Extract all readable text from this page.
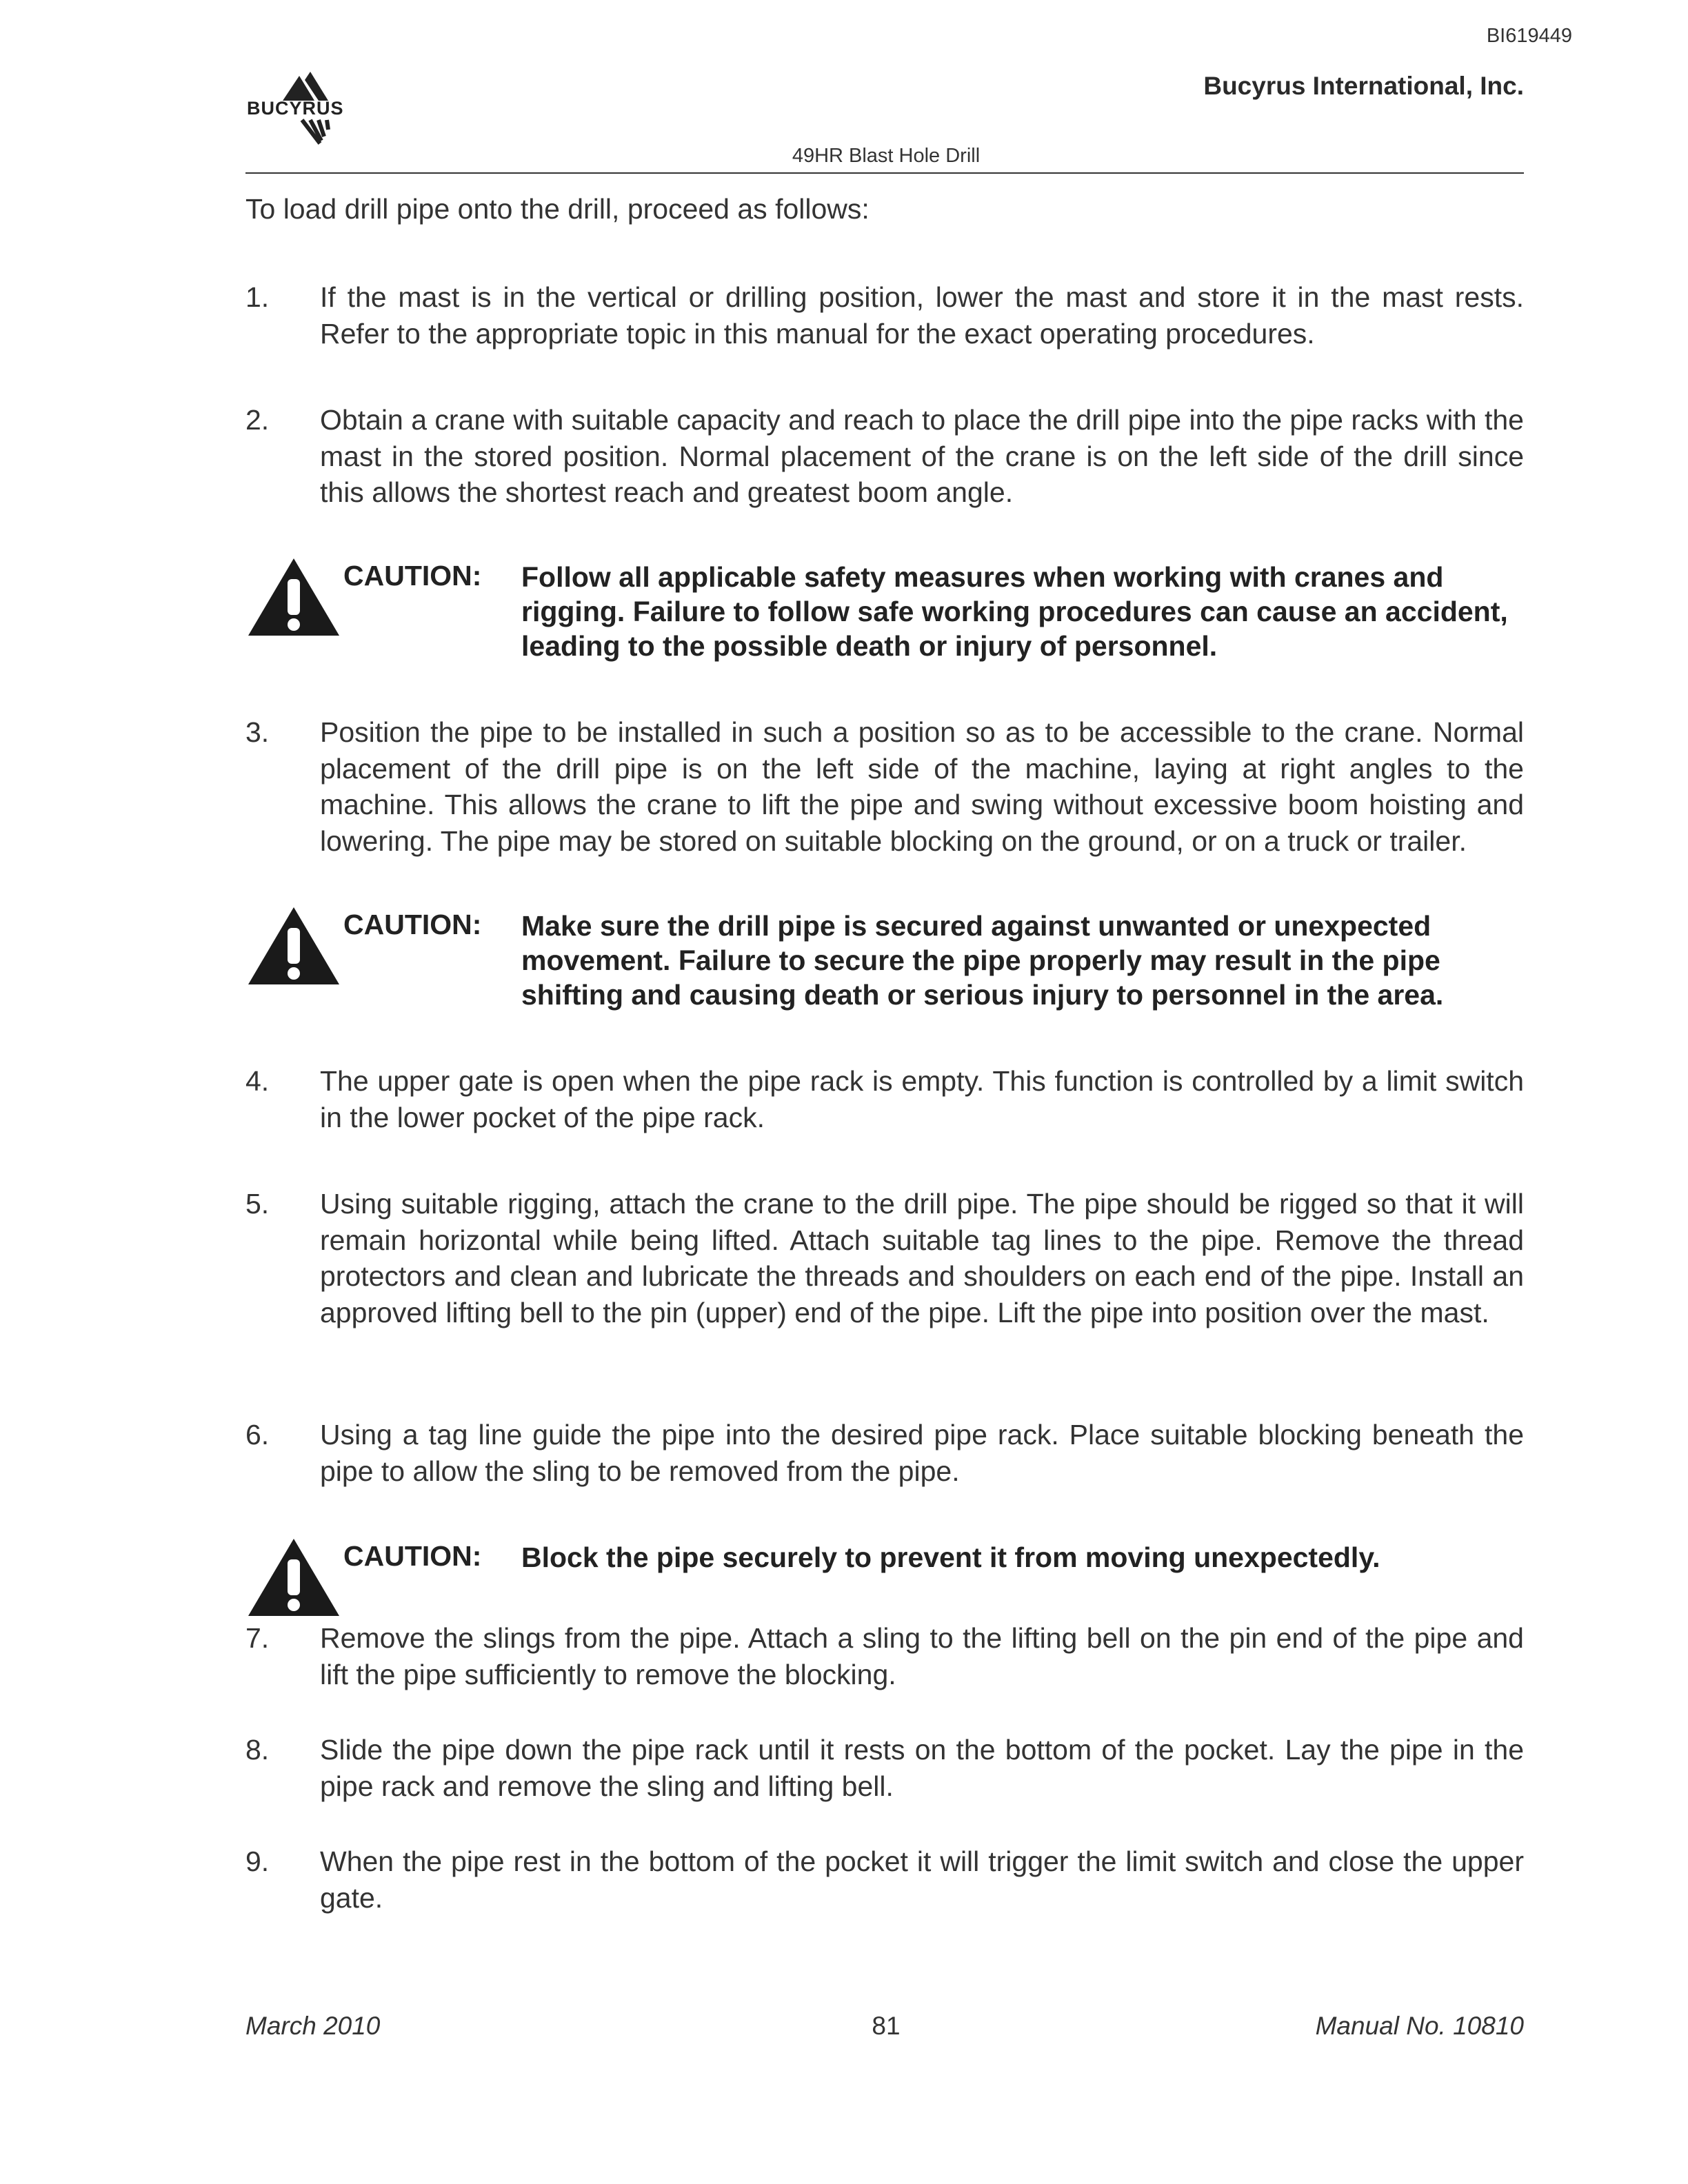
BI619449
BUCYRUS
Bucyrus International, Inc.
49HR Blast Hole Drill
To load drill pipe onto the drill, proceed as follows:
1. If the mast is in the vertical or drilling position, lower the mast and store it in the mast rests. Refer to the appropriate topic in this manual for the exact operating procedures.
2. Obtain a crane with suitable capacity and reach to place the drill pipe into the pipe racks with the mast in the stored position. Normal placement of the crane is on the left side of the drill since this allows the shortest reach and greatest boom angle.
CAUTION: Follow all applicable safety measures when working with cranes and rigging. Failure to follow safe working procedures can cause an accident, leading to the possible death or injury of personnel.
3. Position the pipe to be installed in such a position so as to be accessible to the crane. Normal placement of the drill pipe is on the left side of the machine, laying at right angles to the machine. This allows the crane to lift the pipe and swing without excessive boom hoisting and lowering. The pipe may be stored on suitable blocking on the ground, or on a truck or trailer.
CAUTION: Make sure the drill pipe is secured against unwanted or unexpected movement. Failure to secure the pipe properly may result in the pipe shifting and causing death or serious injury to personnel in the area.
4. The upper gate is open when the pipe rack is empty. This function is controlled by a limit switch in the lower pocket of the pipe rack.
5. Using suitable rigging, attach the crane to the drill pipe. The pipe should be rigged so that it will remain horizontal while being lifted. Attach suitable tag lines to the pipe. Remove the thread protectors and clean and lubricate the threads and shoulders on each end of the pipe. Install an approved lifting bell to the pin (upper) end of the pipe. Lift the pipe into position over the mast.
6. Using a tag line guide the pipe into the desired pipe rack. Place suitable blocking beneath the pipe to allow the sling to be removed from the pipe.
CAUTION: Block the pipe securely to prevent it from moving unexpectedly.
7. Remove the slings from the pipe. Attach a sling to the lifting bell on the pin end of the pipe and lift the pipe sufficiently to remove the blocking.
8. Slide the pipe down the pipe rack until it rests on the bottom of the pocket. Lay the pipe in the pipe rack and remove the sling and lifting bell.
9. When the pipe rest in the bottom of the pocket it will trigger the limit switch and close the upper gate.
March 2010	81	Manual No. 10810
